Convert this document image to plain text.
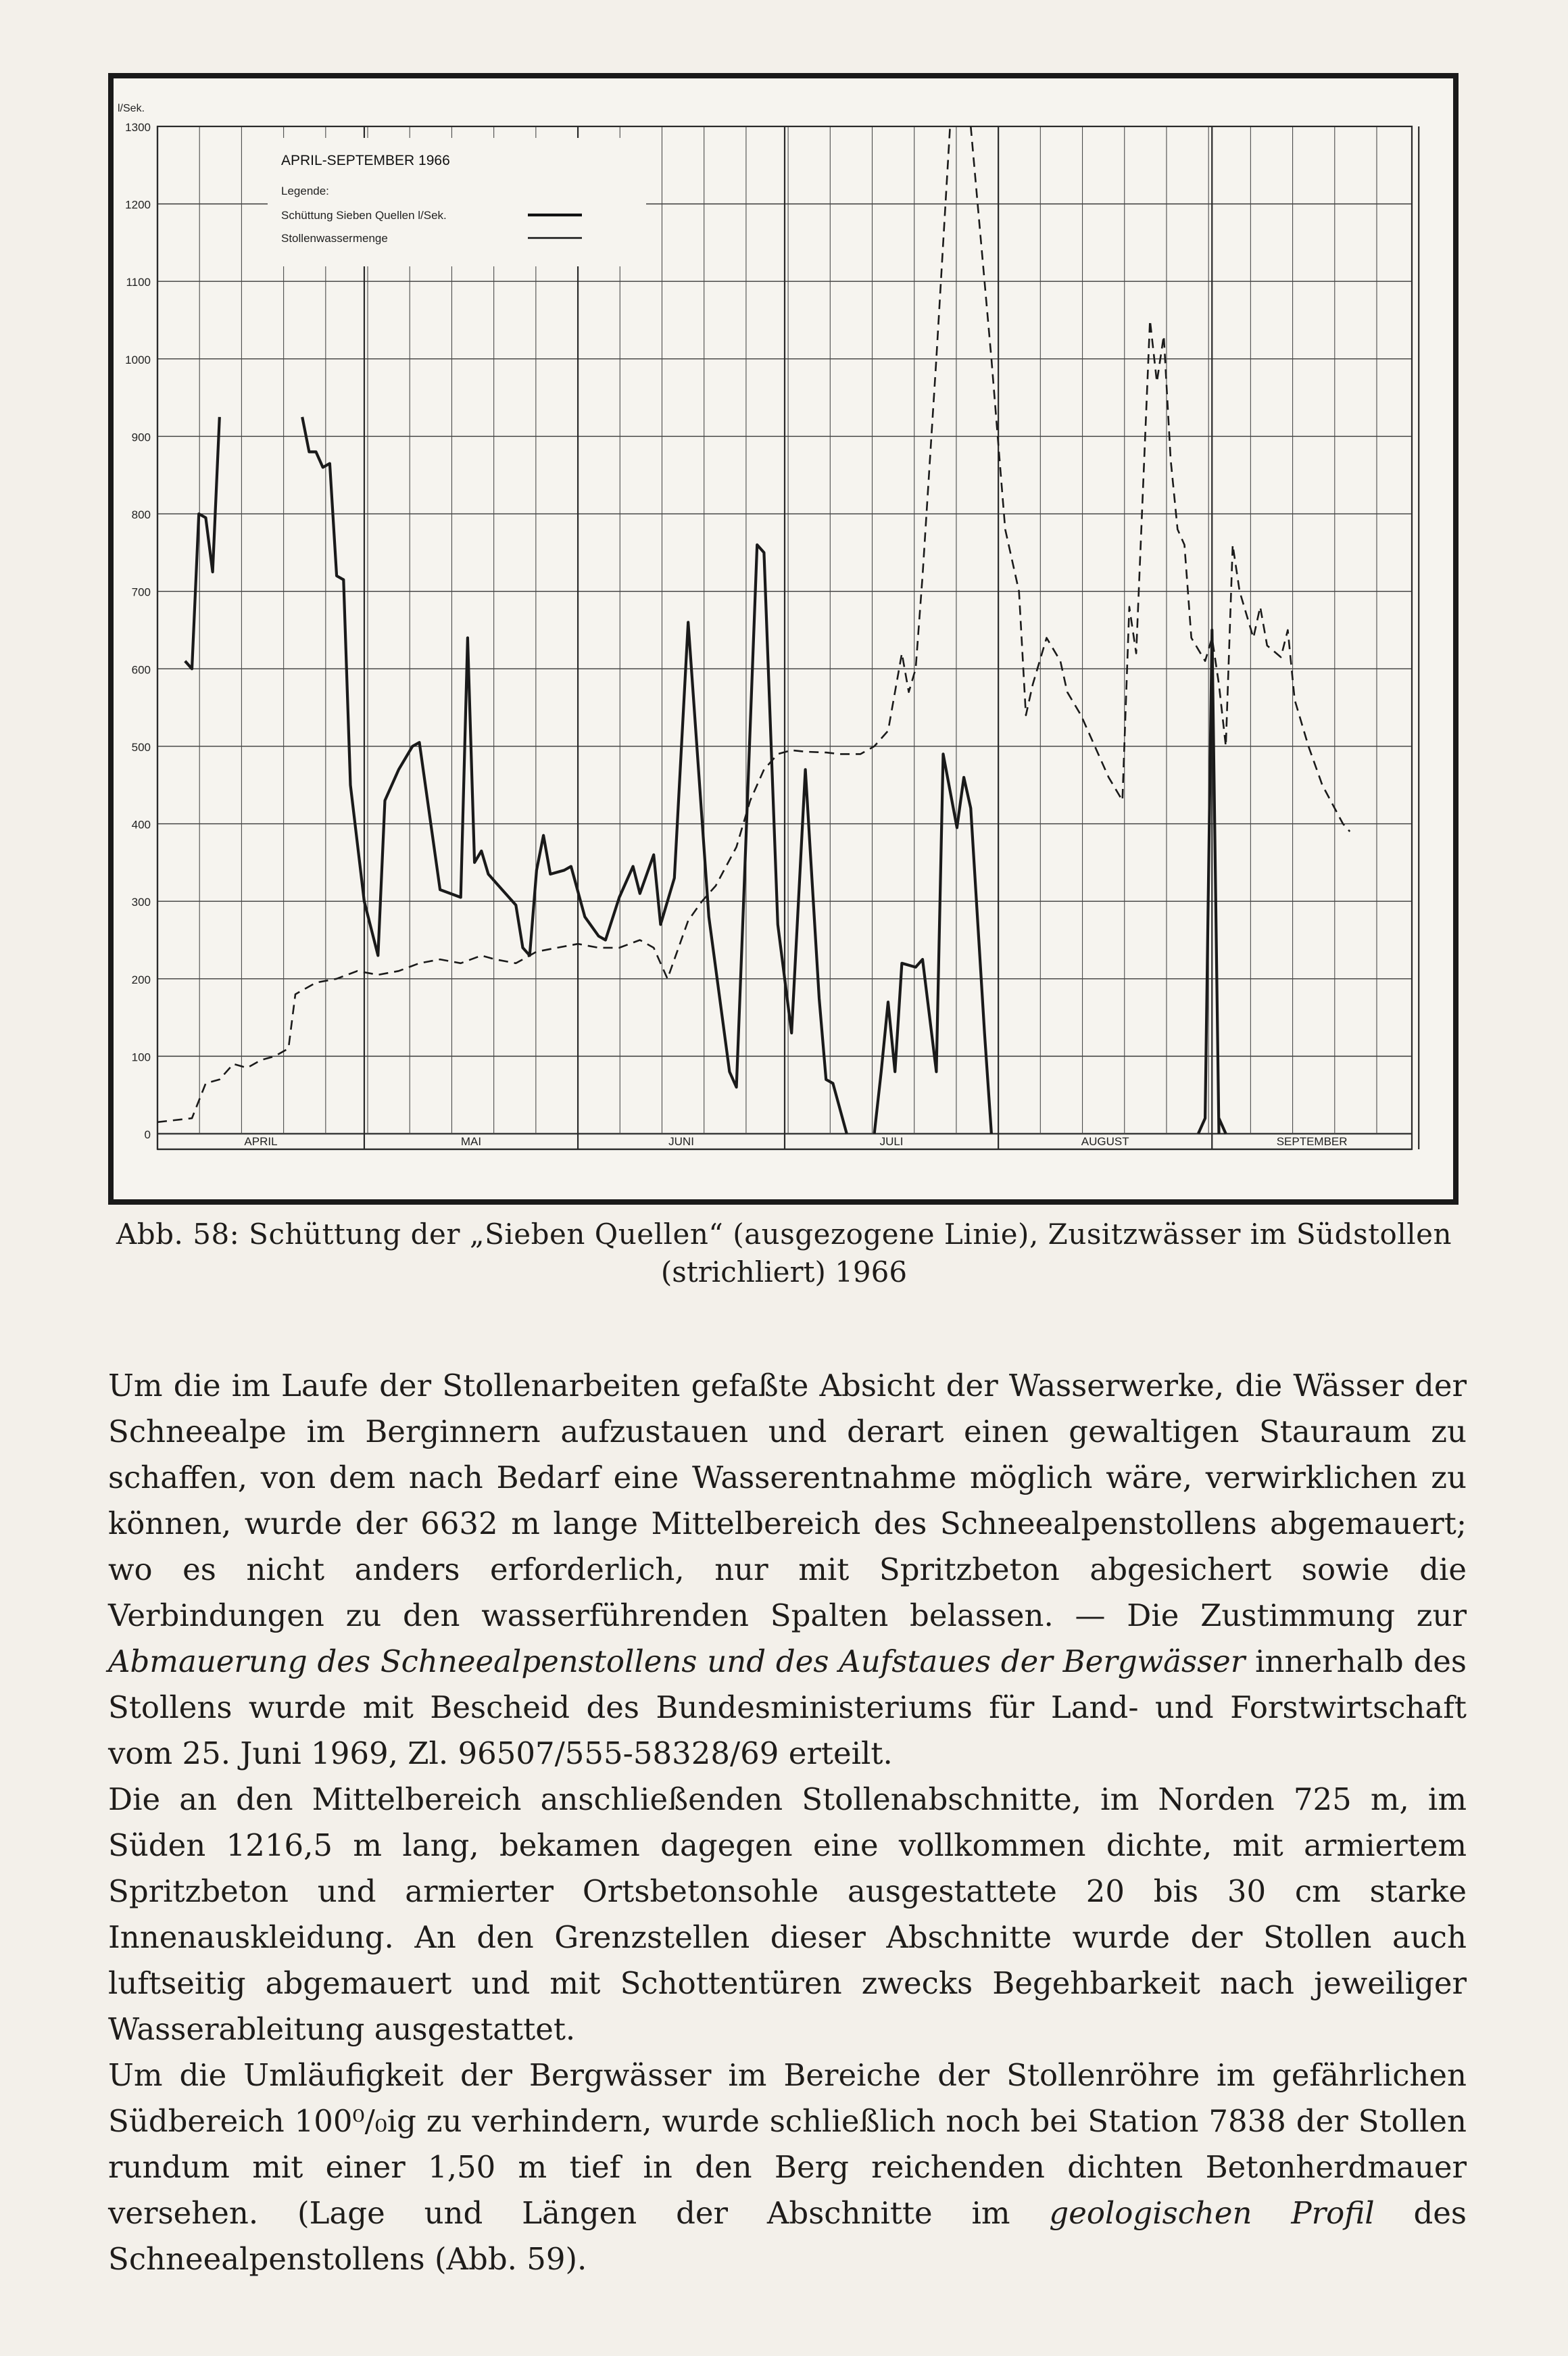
0
100
200
300
400
500
600
700
800
900
1000
1100
1200
1300
l/Sek.
APRIL	MAI	JUNI	JULI	AUGUST	SEPTEMBER
APRIL-SEPTEMBER 1966
Legende:
Schüttung Sieben Quellen l/Sek.
Stollenwassermenge
Abb. 58: Schüttung der „Sieben Quellen“ (ausgezogene Linie), Zusitzwässer im Südstollen
(strichliert) 1966

Um die im Laufe der Stollenarbeiten gefaßte Absicht der Wasserwerke, die Wässer der Schneealpe im Berginnern aufzustauen und derart einen gewaltigen Stauraum zu schaffen, von dem nach Bedarf eine Wasserentnahme möglich wäre, verwirklichen zu können, wurde der 6632 m lange Mittelbereich des Schneealpenstollens abgemauert; wo es nicht anders erforderlich, nur mit Spritzbeton abgesichert sowie die Verbindungen zu den wasserführenden Spalten belassen. — Die Zustimmung zur Abmauerung des Schneealpenstollens und des Aufstaues der Bergwässer innerhalb des Stollens wurde mit Bescheid des Bundesministeriums für Land- und Forstwirtschaft vom 25. Juni 1969, Zl. 96507/555-58328/69 erteilt.

Die an den Mittelbereich anschließenden Stollenabschnitte, im Norden 725 m, im Süden 1216,5 m lang, bekamen dagegen eine vollkommen dichte, mit armiertem Spritzbeton und armierter Ortsbetonsohle ausgestattete 20 bis 30 cm starke Innenauskleidung. An den Grenzstellen dieser Abschnitte wurde der Stollen auch luftseitig abgemauert und mit Schottentüren zwecks Begehbarkeit nach jeweiliger Wasserableitung ausgestattet.

Um die Umläufigkeit der Bergwässer im Bereiche der Stollenröhre im gefährlichen Südbereich 100⁰/₀ig zu verhindern, wurde schließlich noch bei Station 7838 der Stollen rundum mit einer 1,50 m tief in den Berg reichenden dichten Betonherdmauer versehen. (Lage und Längen der Abschnitte im geologischen Profil des Schneealpenstollens (Abb. 59).
